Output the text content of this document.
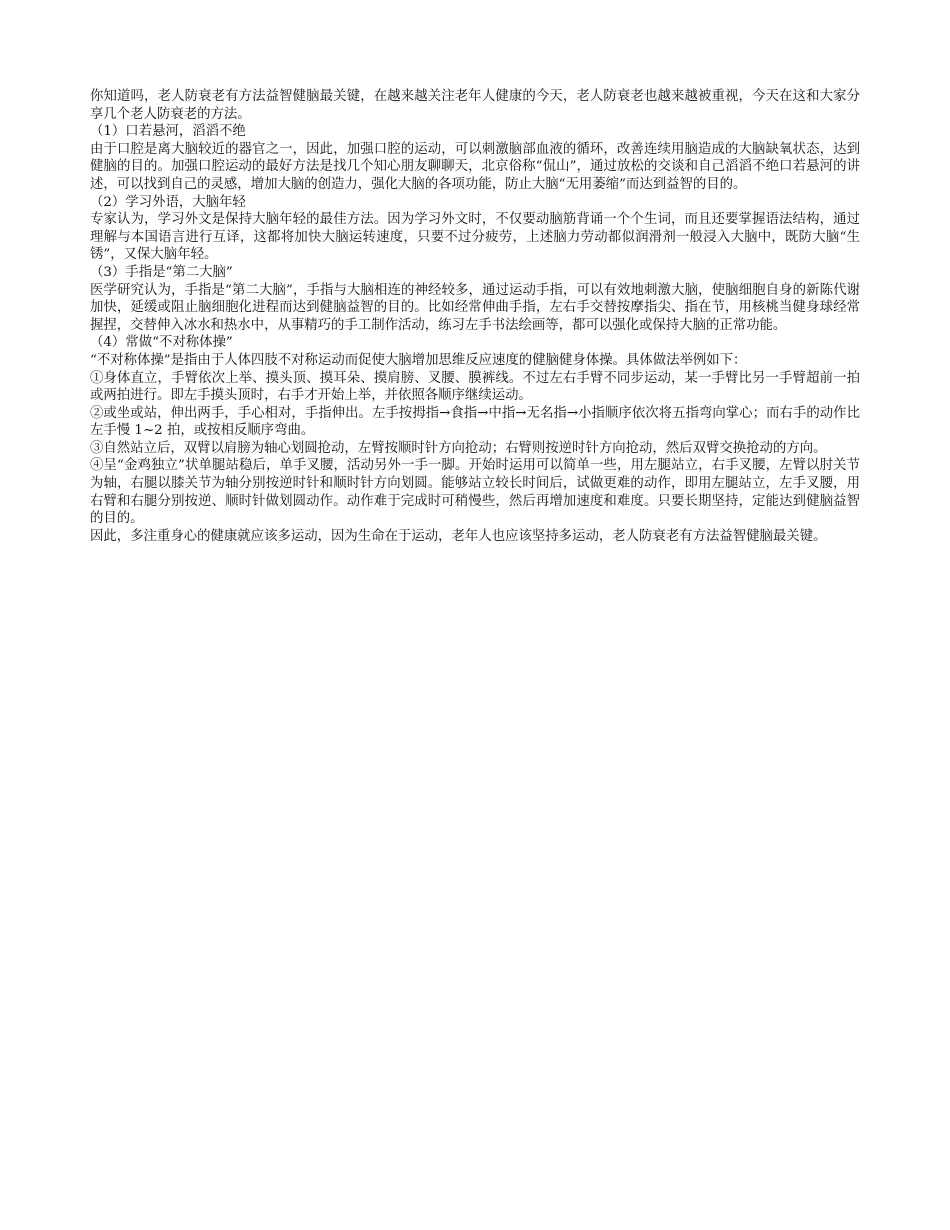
你知道吗，老人防衰老有方法益智健脑最关键，在越来越关注老年人健康的今天，老人防衰老也越来越被重视，今天在这和大家分享几个老人防衰老的方法。

（1）口若悬河，滔滔不绝

由于口腔是离大脑较近的器官之一，因此，加强口腔的运动，可以刺激脑部血液的循环，改善连续用脑造成的大脑缺氧状态，达到健脑的目的。加强口腔运动的最好方法是找几个知心朋友聊聊天，北京俗称“侃山”，通过放松的交谈和自己滔滔不绝口若悬河的讲述，可以找到自己的灵感，增加大脑的创造力，强化大脑的各项功能，防止大脑“无用萎缩”而达到益智的目的。

（2）学习外语，大脑年轻

专家认为，学习外文是保持大脑年轻的最佳方法。因为学习外文时，不仅要动脑筋背诵一个个生词，而且还要掌握语法结构，通过理解与本国语言进行互译，这都将加快大脑运转速度，只要不过分疲劳，上述脑力劳动都似润滑剂一般浸入大脑中，既防大脑“生锈”，又保大脑年轻。

（3）手指是“第二大脑”

医学研究认为，手指是“第二大脑”，手指与大脑相连的神经较多，通过运动手指，可以有效地刺激大脑，使脑细胞自身的新陈代谢加快，延缓或阻止脑细胞化进程而达到健脑益智的目的。比如经常伸曲手指，左右手交替按摩指尖、指在节，用核桃当健身球经常握捏，交替伸入冰水和热水中，从事精巧的手工制作活动，练习左手书法绘画等，都可以强化或保持大脑的正常功能。

（4）常做“不对称体操”

“不对称体操”是指由于人体四肢不对称运动而促使大脑增加思维反应速度的健脑健身体操。具体做法举例如下：

①身体直立，手臂依次上举、摸头顶、摸耳朵、摸肩膀、叉腰、膜裤线。不过左右手臂不同步运动，某一手臂比另一手臂超前一拍或两拍进行。即左手摸头顶时，右手才开始上举，并依照各顺序继续运动。

②或坐或站，伸出两手，手心相对，手指伸出。左手按拇指→食指→中指→无名指→小指顺序依次将五指弯向掌心；而右手的动作比左手慢 1~2 拍，或按相反顺序弯曲。

③自然站立后，双臂以肩膀为轴心划圆抢动，左臂按顺时针方向抢动；右臂则按逆时针方向抢动，然后双臂交换抢动的方向。

④呈“金鸡独立”状单腿站稳后，单手叉腰，活动另外一手一脚。开始时运用可以简单一些，用左腿站立，右手叉腰，左臂以肘关节为轴，右腿以膝关节为轴分别按逆时针和顺时针方向划圆。能够站立较长时间后，试做更难的动作，即用左腿站立，左手叉腰，用右臂和右腿分别按逆、顺时针做划圆动作。动作难于完成时可稍慢些，然后再增加速度和难度。只要长期坚持，定能达到健脑益智的目的。

因此，多注重身心的健康就应该多运动，因为生命在于运动，老年人也应该坚持多运动，老人防衰老有方法益智健脑最关键。
